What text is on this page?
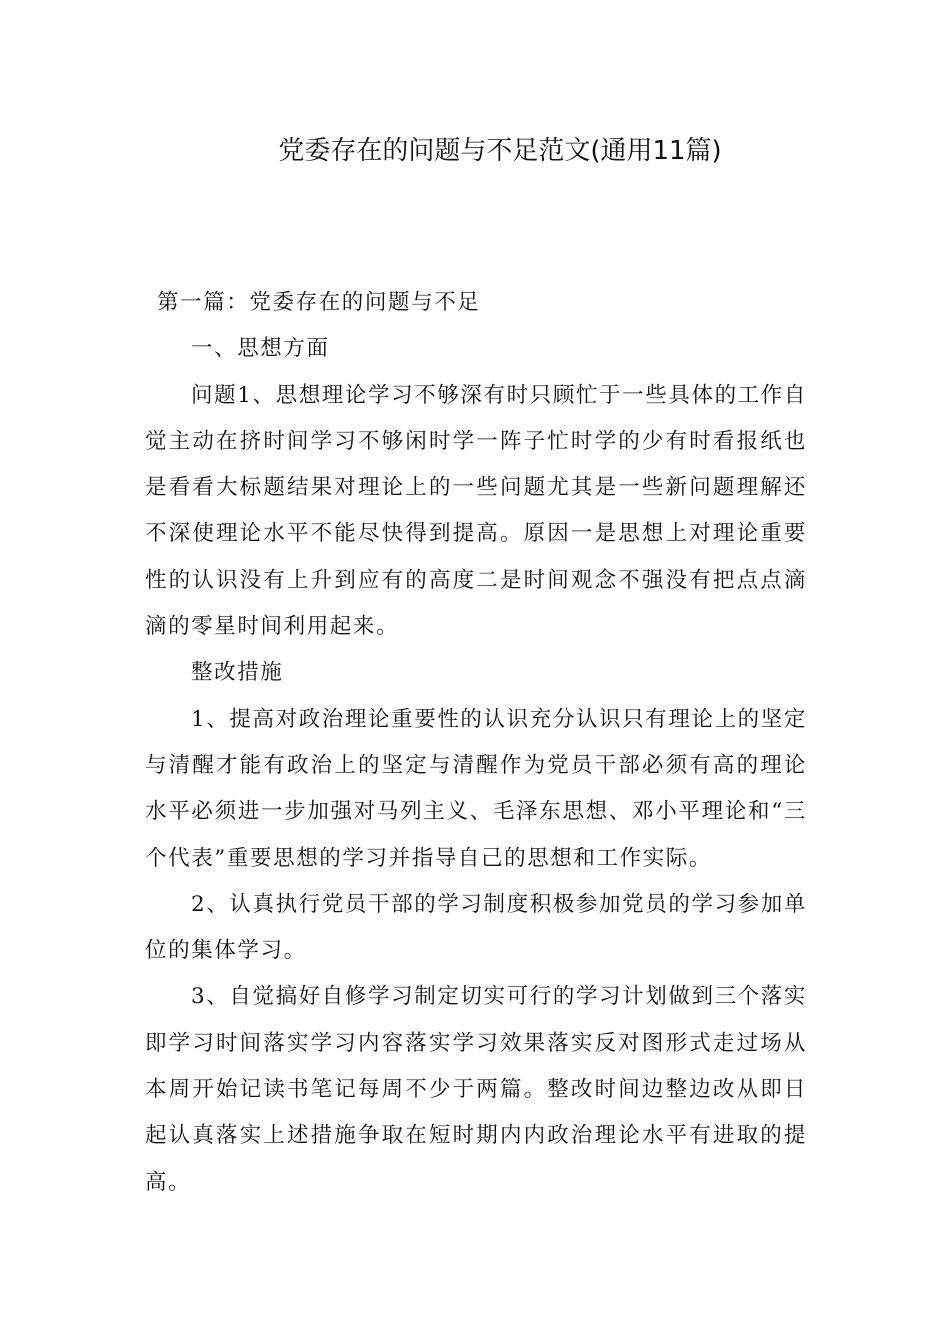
党委存在的问题与不足范文(通用11篇)

第一篇：党委存在的问题与不足

一、思想方面

问题1、思想理论学习不够深有时只顾忙于一些具体的工作自觉主动在挤时间学习不够闲时学一阵子忙时学的少有时看报纸也是看看大标题结果对理论上的一些问题尤其是一些新问题理解还不深使理论水平不能尽快得到提高。原因一是思想上对理论重要性的认识没有上升到应有的高度二是时间观念不强没有把点点滴滴的零星时间利用起来。

整改措施

1、提高对政治理论重要性的认识充分认识只有理论上的坚定与清醒才能有政治上的坚定与清醒作为党员干部必须有高的理论水平必须进一步加强对马列主义、毛泽东思想、邓小平理论和“三个代表”重要思想的学习并指导自己的思想和工作实际。

2、认真执行党员干部的学习制度积极参加党员的学习参加单位的集体学习。

3、自觉搞好自修学习制定切实可行的学习计划做到三个落实即学习时间落实学习内容落实学习效果落实反对图形式走过场从本周开始记读书笔记每周不少于两篇。整改时间边整边改从即日起认真落实上述措施争取在短时期内内政治理论水平有进取的提高。
